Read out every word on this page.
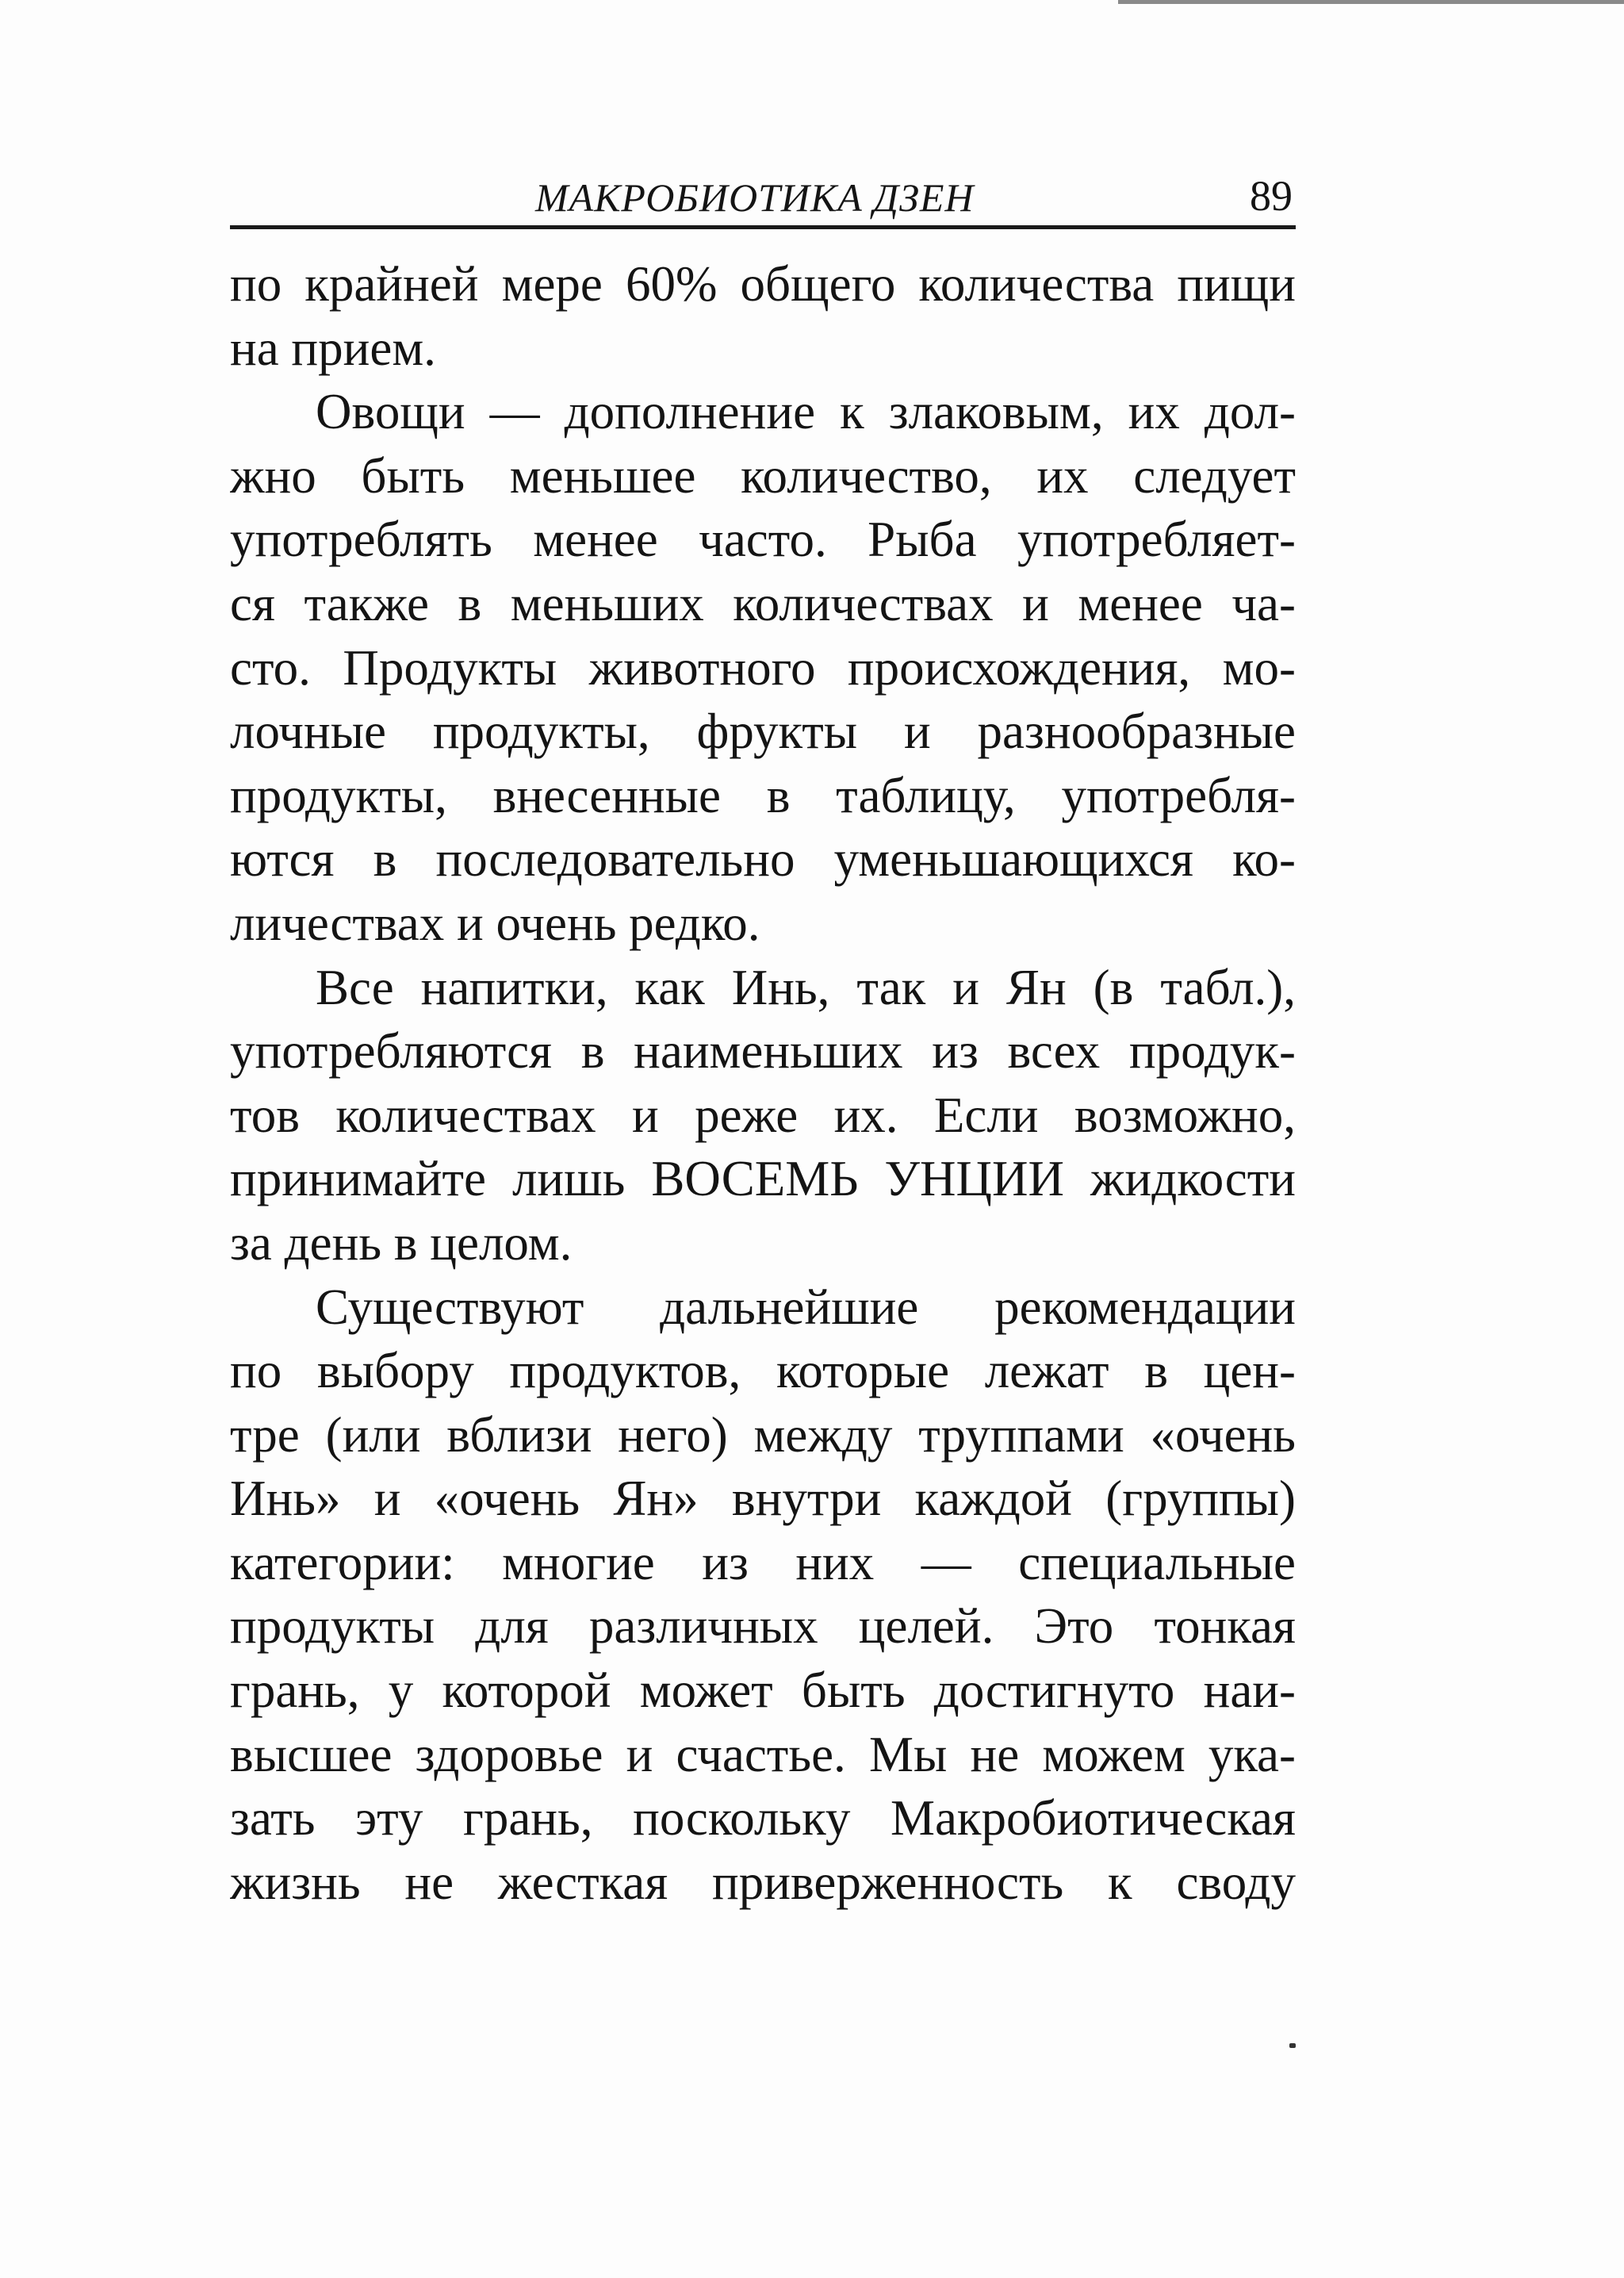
МАКРОБИОТИКА ДЗЕН	89
по крайней мере 60% общего количества пищи
на прием.
Овощи — дополнение к злаковым, их дол-
жно быть меньшее количество, их следует
употреблять менее часто. Рыба употребляет-
ся также в меньших количествах и менее ча-
сто. Продукты животного происхождения, мо-
лочные продукты, фрукты и разнообразные
продукты, внесенные в таблицу, употребля-
ются в последовательно уменьшающихся ко-
личествах и очень редко.
Все напитки, как Инь, так и Ян (в табл.),
употребляются в наименьших из всех продук-
тов количествах и реже их. Если возможно,
принимайте лишь ВОСЕМЬ УНЦИИ жидкости
за день в целом.
Существуют дальнейшие рекомендации
по выбору продуктов, которые лежат в цен-
тре (или вблизи него) между труппами «очень
Инь» и «очень Ян» внутри каждой (группы)
категории: многие из них — специальные
продукты для различных целей. Это тонкая
грань, у которой может быть достигнуто наи-
высшее здоровье и счастье. Мы не можем ука-
зать эту грань, поскольку Макробиотическая
жизнь не жесткая приверженность к своду
